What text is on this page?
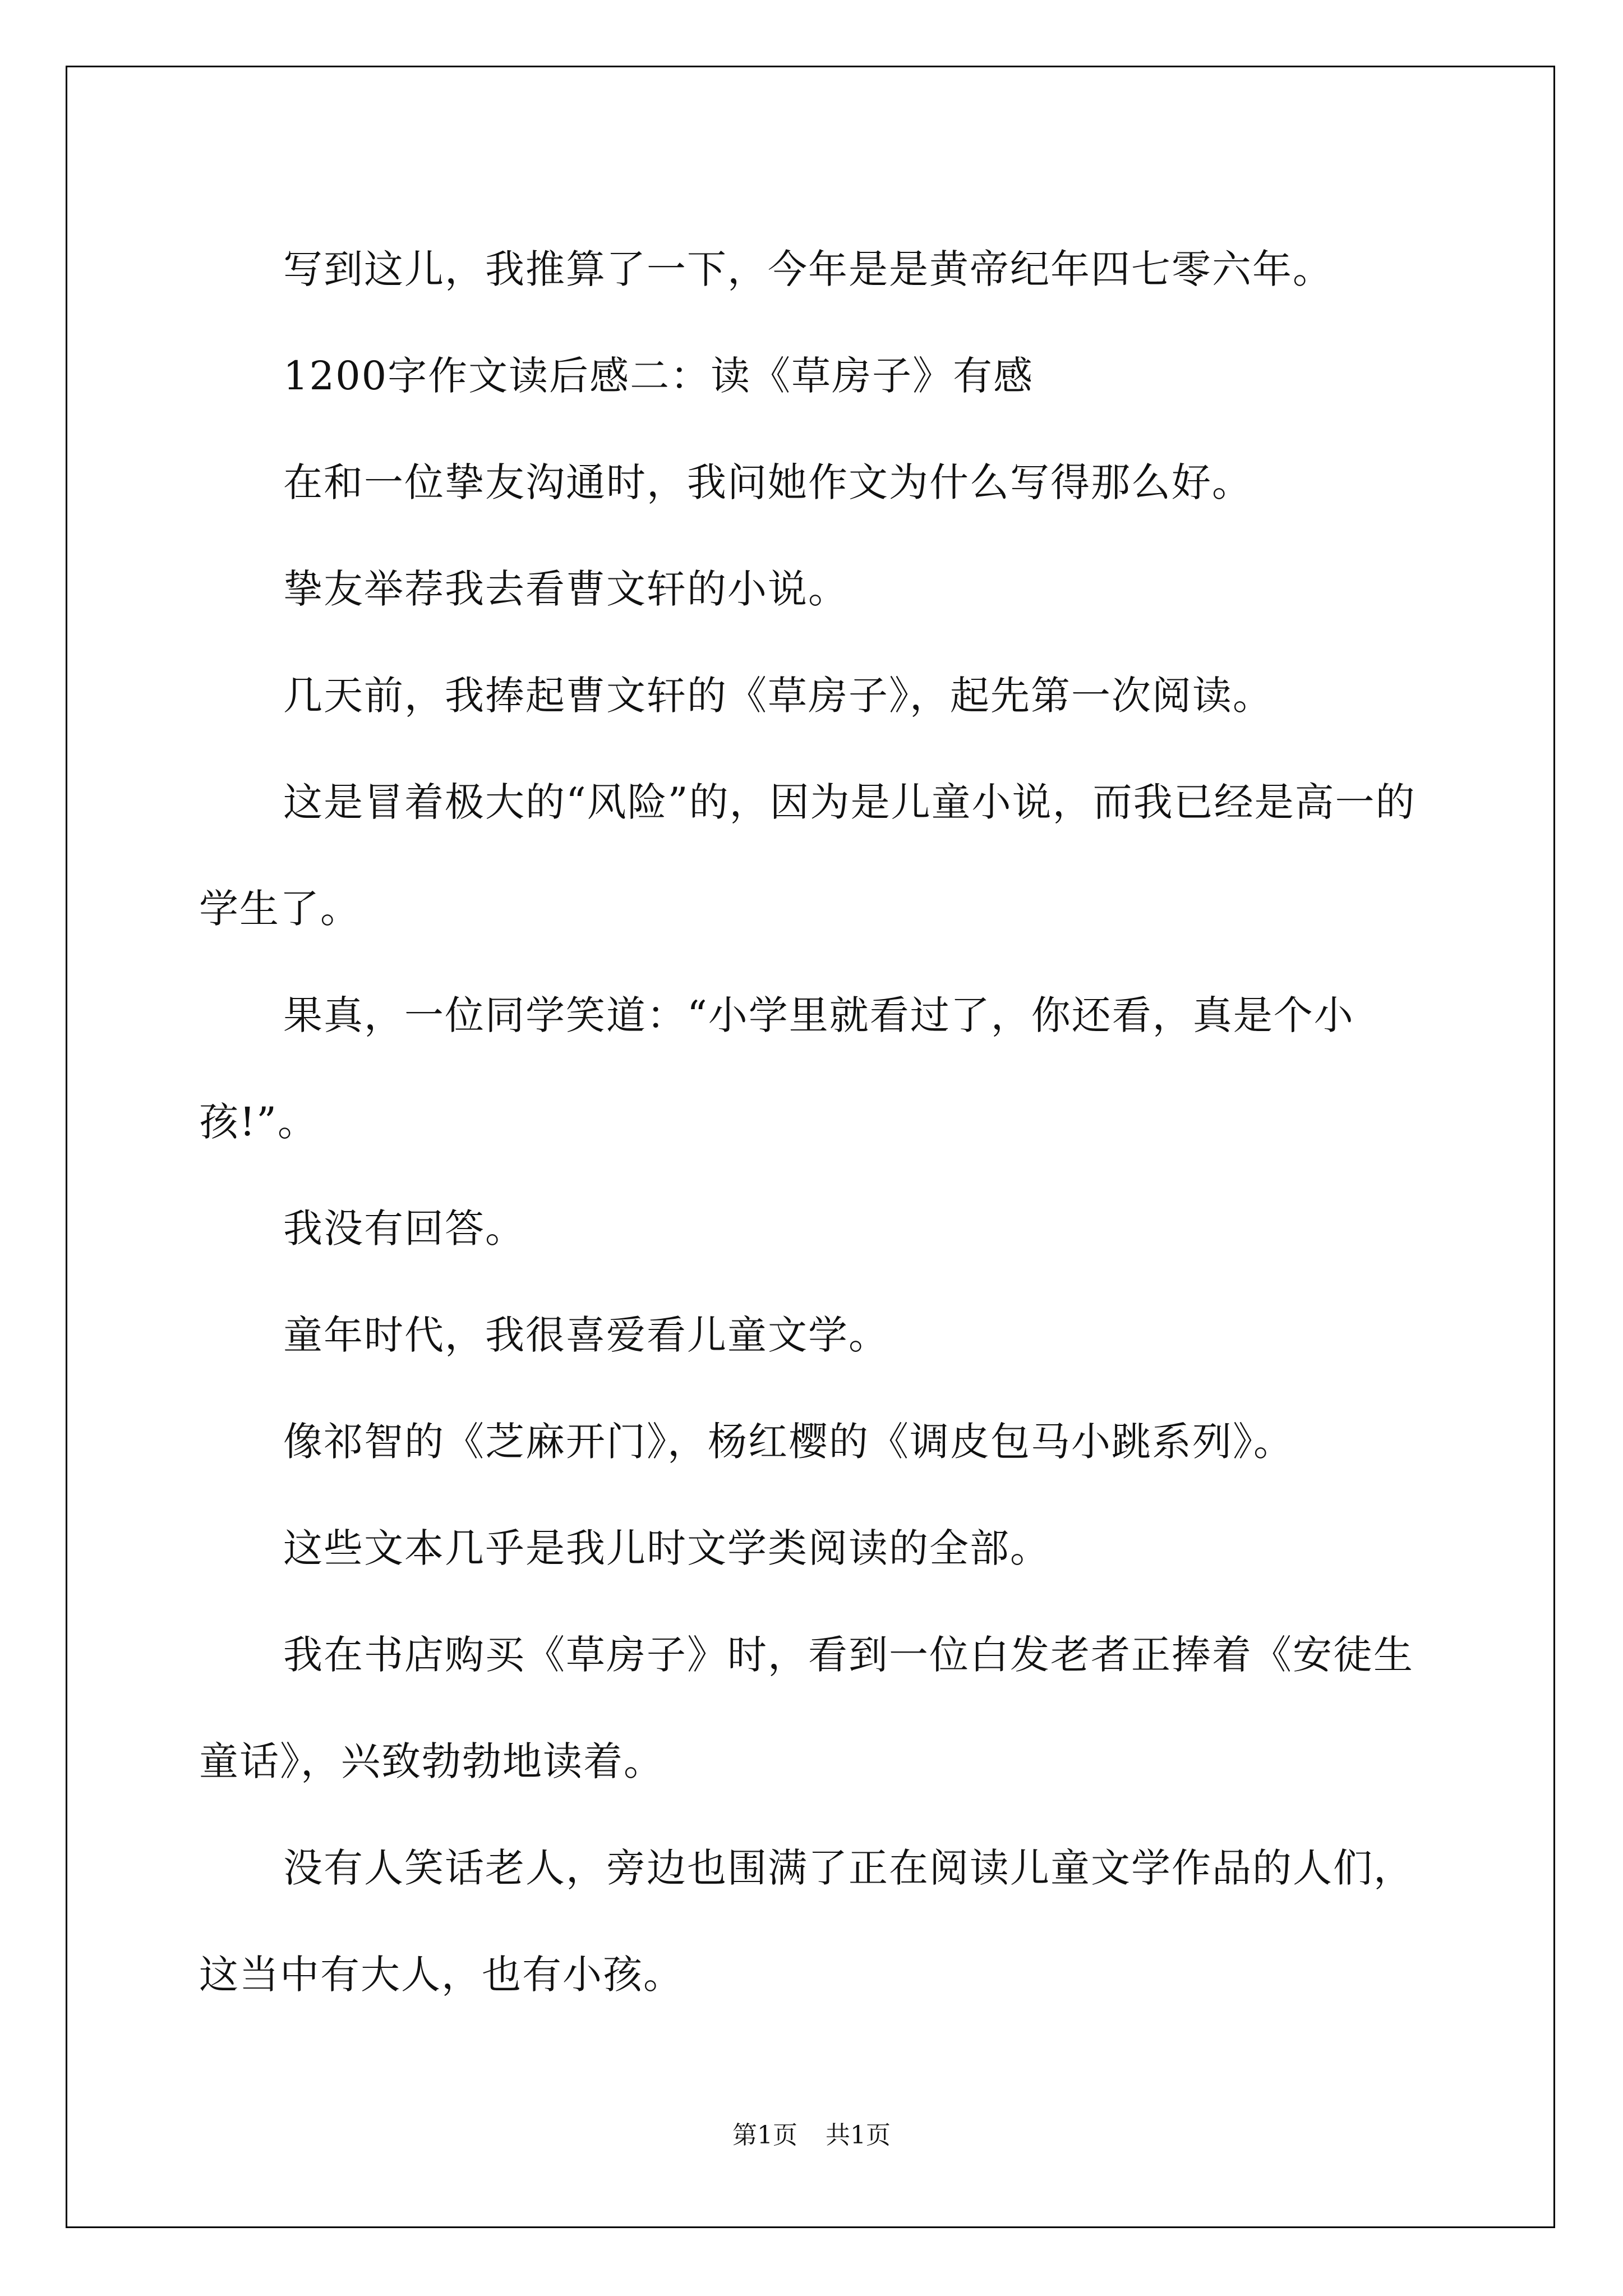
写到这儿，我推算了一下，今年是是黄帝纪年四七零六年。

1200字作文读后感二：读《草房子》有感

在和一位挚友沟通时，我问她作文为什么写得那么好。

挚友举荐我去看曹文轩的小说。

几天前，我捧起曹文轩的《草房子》，起先第一次阅读。

这是冒着极大的“风险”的，因为是儿童小说，而我已经是高一的学生了。

果真，一位同学笑道：“小学里就看过了，你还看，真是个小孩!”。

我没有回答。

童年时代，我很喜爱看儿童文学。

像祁智的《芝麻开门》，杨红樱的《调皮包马小跳系列》。

这些文本几乎是我儿时文学类阅读的全部。

我在书店购买《草房子》时，看到一位白发老者正捧着《安徒生童话》，兴致勃勃地读着。

没有人笑话老人，旁边也围满了正在阅读儿童文学作品的人们，这当中有大人，也有小孩。

第1页 共1页
